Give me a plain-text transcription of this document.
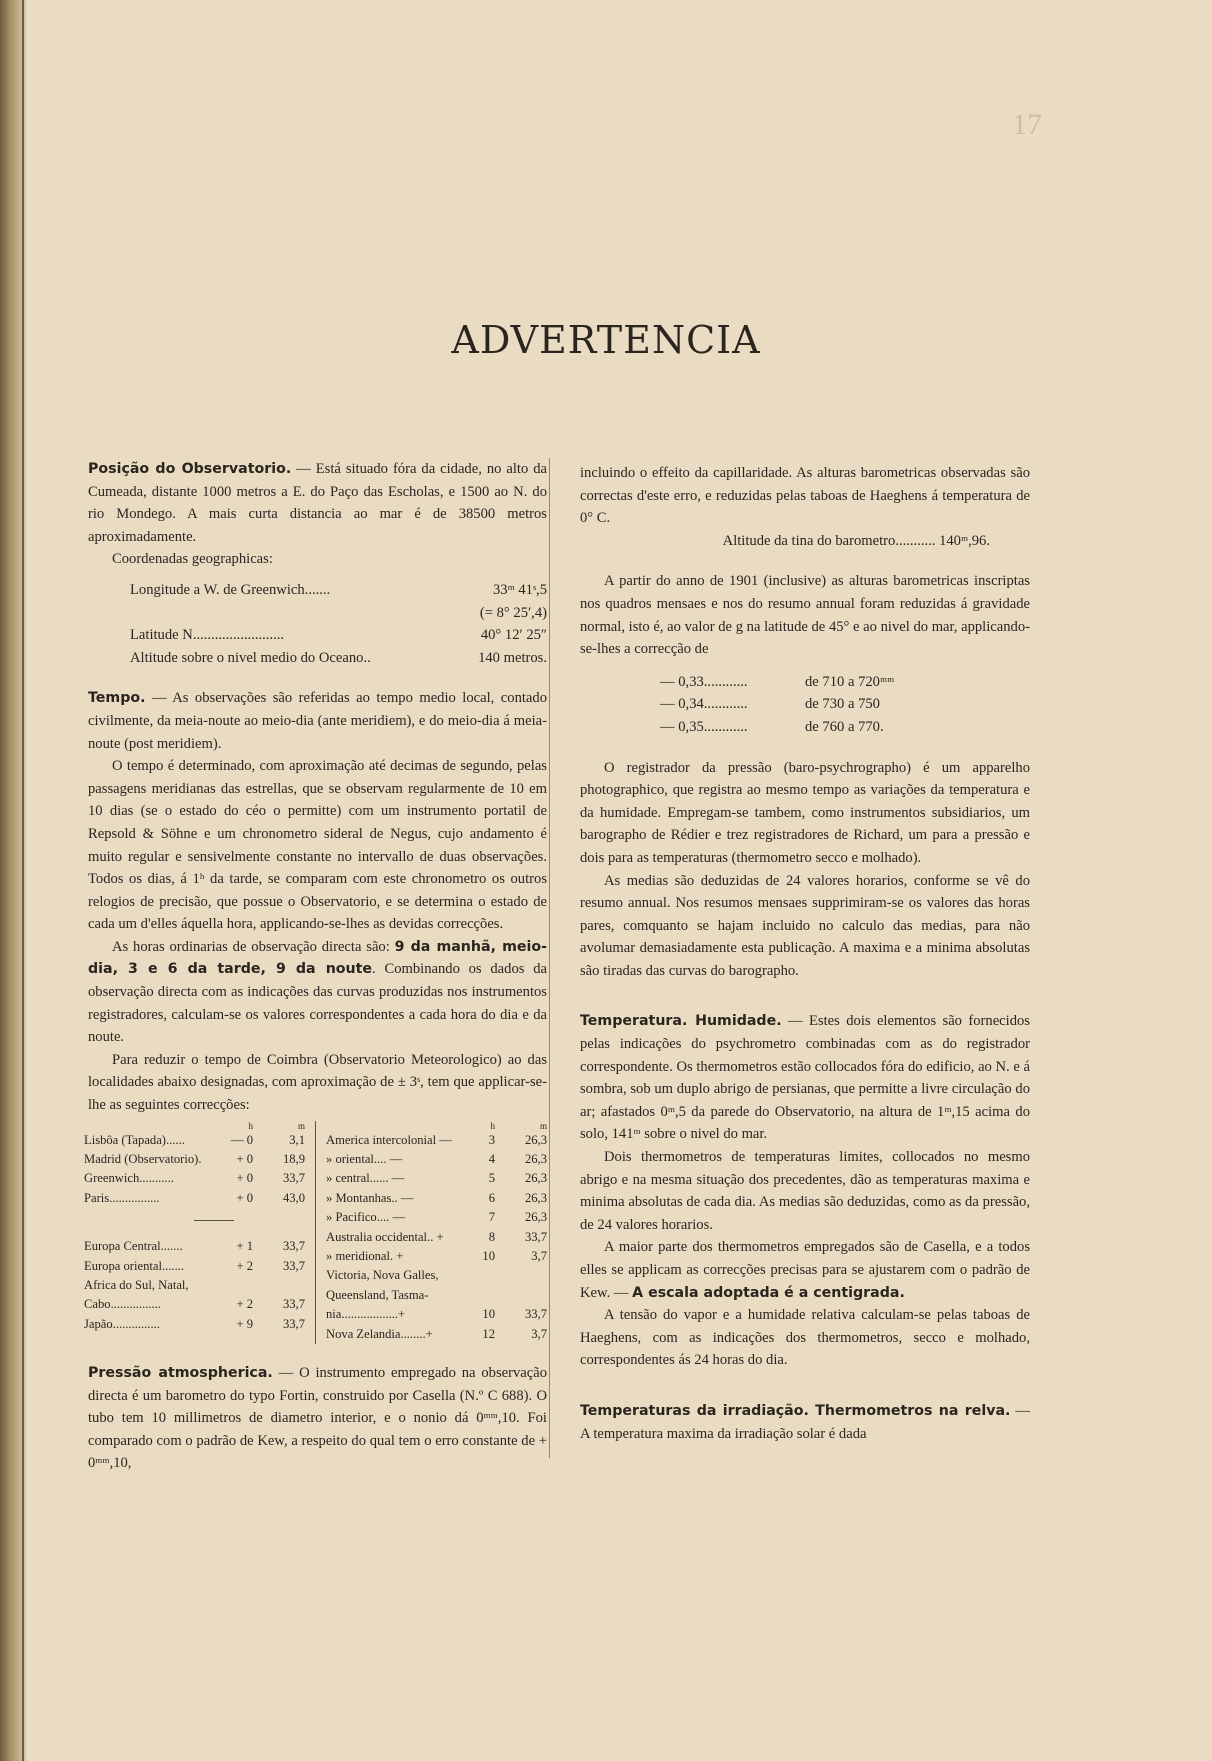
17
ADVERTENCIA

Posição do Observatorio. — Está situado fóra da cidade, no alto da Cumeada, distante 1000 metros a E. do Paço das Escholas, e 1500 ao N. do rio Mondego. A mais curta distancia ao mar é de 38500 metros aproximadamente.

Coordenadas geographicas:

Longitude a W. de Greenwich.......	33ᵐ 41ˢ,5
(= 8° 25′,4)
Latitude N.........................	40° 12′ 25″
Altitude sobre o nivel medio do Oceano..	140 metros.

Tempo. — As observações são referidas ao tempo medio local, contado civilmente, da meia-noute ao meio-dia (ante meridiem), e do meio-dia á meia-noute (post meridiem).

O tempo é determinado, com aproximação até decimas de segundo, pelas passagens meridianas das estrellas, que se observam regularmente de 10 em 10 dias (se o estado do céo o permitte) com um instrumento portatil de Repsold & Söhne e um chronometro sideral de Negus, cujo andamento é muito regular e sensivelmente constante no intervallo de duas observações. Todos os dias, á 1ʰ da tarde, se comparam com este chronometro os outros relogios de precisão, que possue o Observatorio, e se determina o estado de cada um d'elles áquella hora, applicando-se-lhes as devidas correcções.

As horas ordinarias de observação directa são: 9 da manhã, meio-dia, 3 e 6 da tarde, 9 da noute. Combinando os dados da observação directa com as indicações das curvas produzidas nos instrumentos registradores, calculam-se os valores correspondentes a cada hora do dia e da noute.

Para reduzir o tempo de Coimbra (Observatorio Meteorologico) ao das localidades abaixo designadas, com aproximação de ± 3ˢ, tem que applicar-se-lhe as seguintes correcções:

h	m
Lisbôa (Tapada)......	— 0	3,1
Madrid (Observatorio).	+ 0	18,9
Greenwich...........	+ 0	33,7
Paris................	+ 0	43,0
Europa Central.......	+ 1	33,7
Europa oriental.......	+ 2	33,7
Africa do Sul, Natal,
Cabo................	+ 2	33,7
Japão...............	+ 9	33,7
h	m
America intercolonial —	3	26,3
» oriental.... —	4	26,3
» central...... —	5	26,3
» Montanhas.. —	6	26,3
» Pacifico.... —	7	26,3
Australia occidental.. +	8	33,7
» meridional. +	10	3,7
Victoria, Nova Galles,
Queensland, Tasma-
nia..................+	10	33,7
Nova Zelandia........+	12	3,7

Pressão atmospherica. — O instrumento empregado na observação directa é um barometro do typo Fortin, construido por Casella (N.º C 688). O tubo tem 10 millimetros de diametro interior, e o nonio dá 0ᵐᵐ,10. Foi comparado com o padrão de Kew, a respeito do qual tem o erro constante de + 0ᵐᵐ,10,

incluindo o effeito da capillaridade. As alturas barometricas observadas são correctas d'este erro, e reduzidas pelas taboas de Haeghens á temperatura de 0° C.

Altitude da tina do barometro........... 140ᵐ,96.

A partir do anno de 1901 (inclusive) as alturas barometricas inscriptas nos quadros mensaes e nos do resumo annual foram reduzidas á gravidade normal, isto é, ao valor de g na latitude de 45° e ao nivel do mar, applicando-se-lhes a correcção de

— 0,33............	de 710 a 720ᵐᵐ
— 0,34............	de 730 a 750
— 0,35............	de 760 a 770.

O registrador da pressão (baro-psychrographo) é um apparelho photographico, que registra ao mesmo tempo as variações da temperatura e da humidade. Empregam-se tambem, como instrumentos subsidiarios, um barographo de Rédier e trez registradores de Richard, um para a pressão e dois para as temperaturas (thermometro secco e molhado).

As medias são deduzidas de 24 valores horarios, conforme se vê do resumo annual. Nos resumos mensaes supprimiram-se os valores das horas pares, comquanto se hajam incluido no calculo das medias, para não avolumar demasiadamente esta publicação. A maxima e a minima absolutas são tiradas das curvas do barographo.

Temperatura. Humidade. — Estes dois elementos são fornecidos pelas indicações do psychrometro combinadas com as do registrador correspondente. Os thermometros estão collocados fóra do edificio, ao N. e á sombra, sob um duplo abrigo de persianas, que permitte a livre circulação do ar; afastados 0ᵐ,5 da parede do Observatorio, na altura de 1ᵐ,15 acima do solo, 141ᵐ sobre o nivel do mar.

Dois thermometros de temperaturas limites, collocados no mesmo abrigo e na mesma situação dos precedentes, dão as temperaturas maxima e minima absolutas de cada dia. As medias são deduzidas, como as da pressão, de 24 valores horarios.

A maior parte dos thermometros empregados são de Casella, e a todos elles se applicam as correcções precisas para se ajustarem com o padrão de Kew. — A escala adoptada é a centigrada.

A tensão do vapor e a humidade relativa calculam-se pelas taboas de Haeghens, com as indicações dos thermometros, secco e molhado, correspondentes ás 24 horas do dia.

Temperaturas da irradiação. Thermometros na relva. — A temperatura maxima da irradiação solar é dada
